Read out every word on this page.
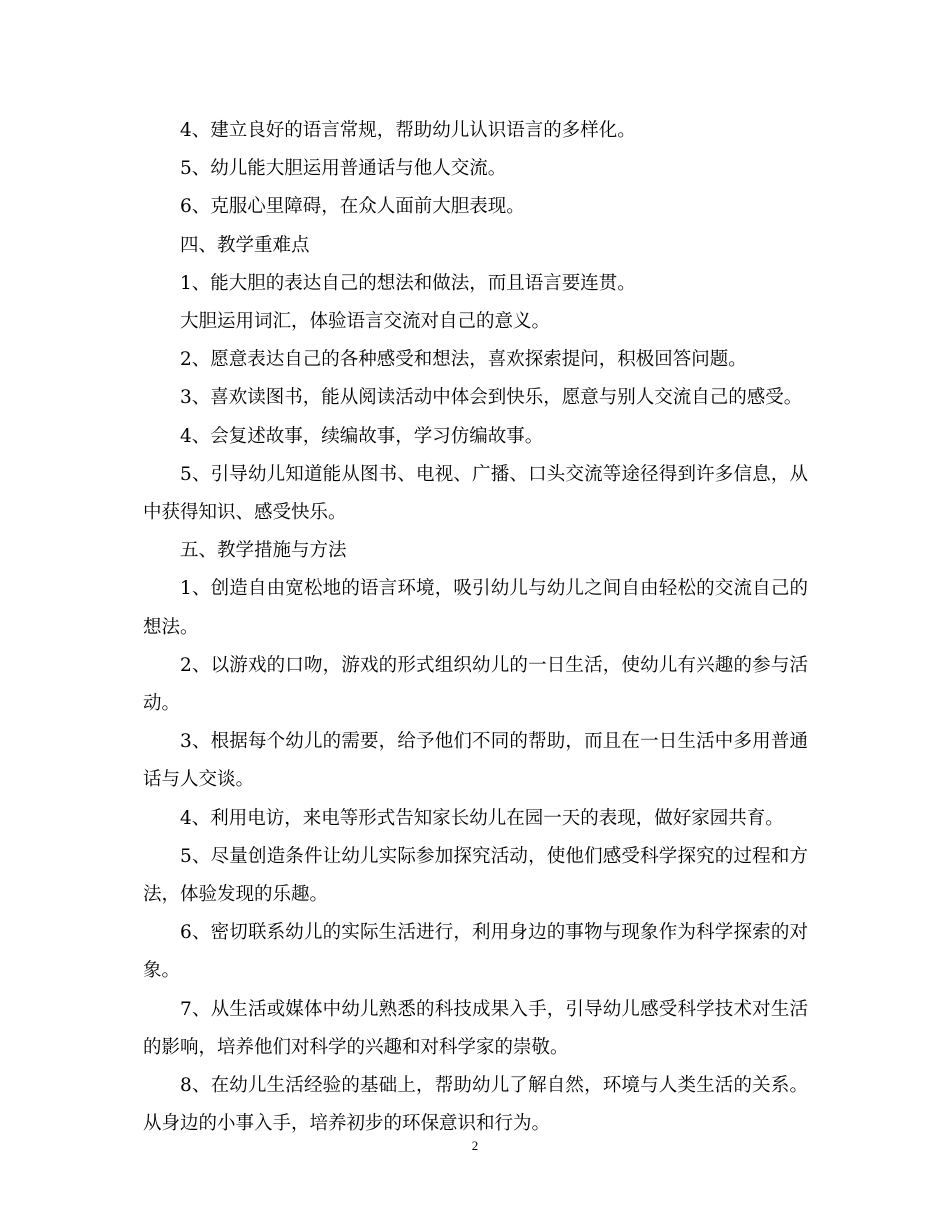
4、建立良好的语言常规，帮助幼儿认识语言的多样化。

5、幼儿能大胆运用普通话与他人交流。

6、克服心里障碍，在众人面前大胆表现。

四、教学重难点

1、能大胆的表达自己的想法和做法，而且语言要连贯。

大胆运用词汇，体验语言交流对自己的意义。

2、愿意表达自己的各种感受和想法，喜欢探索提问，积极回答问题。

3、喜欢读图书，能从阅读活动中体会到快乐，愿意与别人交流自己的感受。

4、会复述故事，续编故事，学习仿编故事。

5、引导幼儿知道能从图书、电视、广播、口头交流等途径得到许多信息，从中获得知识、感受快乐。

五、教学措施与方法

1、创造自由宽松地的语言环境，吸引幼儿与幼儿之间自由轻松的交流自己的想法。

2、以游戏的口吻，游戏的形式组织幼儿的一日生活，使幼儿有兴趣的参与活动。

3、根据每个幼儿的需要，给予他们不同的帮助，而且在一日生活中多用普通话与人交谈。

4、利用电访，来电等形式告知家长幼儿在园一天的表现，做好家园共育。

5、尽量创造条件让幼儿实际参加探究活动，使他们感受科学探究的过程和方法，体验发现的乐趣。

6、密切联系幼儿的实际生活进行，利用身边的事物与现象作为科学探索的对象。

7、从生活或媒体中幼儿熟悉的科技成果入手，引导幼儿感受科学技术对生活的影响，培养他们对科学的兴趣和对科学家的崇敬。

8、在幼儿生活经验的基础上，帮助幼儿了解自然，环境与人类生活的关系。从身边的小事入手，培养初步的环保意识和行为。

2
